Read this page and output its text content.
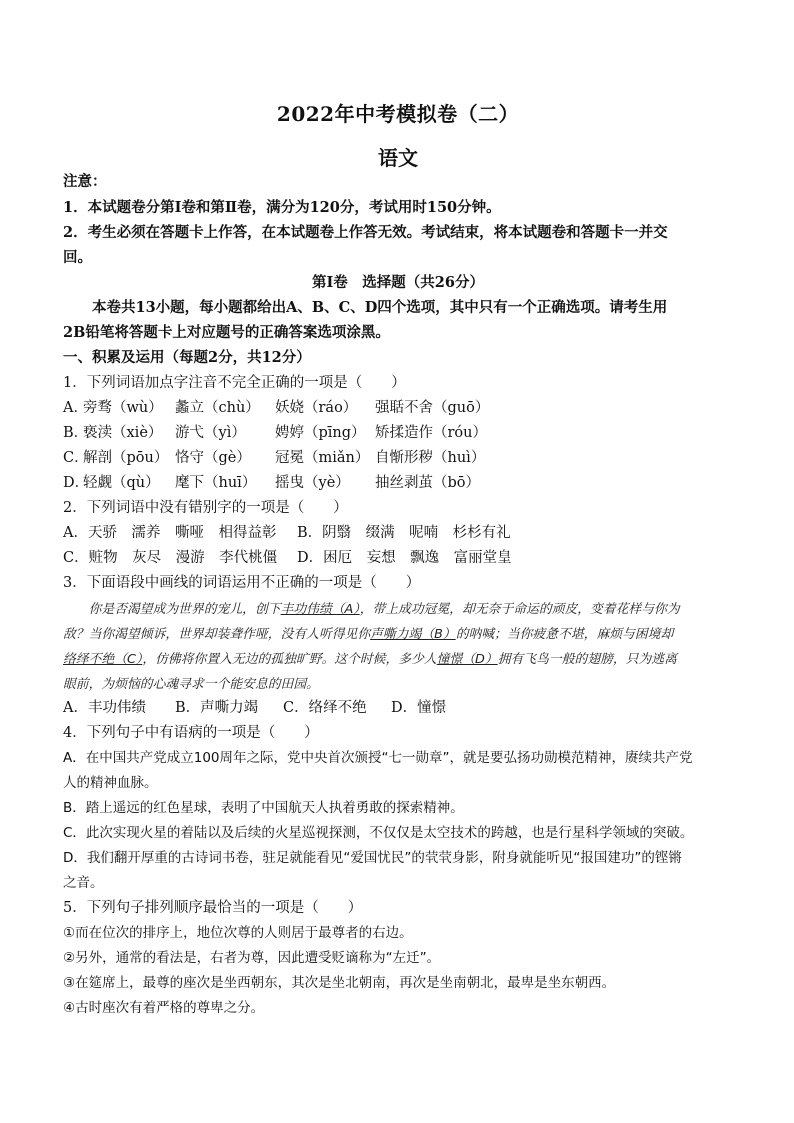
2022年中考模拟卷（二）
语文
注意：
1．本试题卷分第Ⅰ卷和第Ⅱ卷，满分为120分，考试用时150分钟。
2．考生必须在答题卡上作答，在本试题卷上作答无效。考试结束，将本试题卷和答题卡一并交
回。
第Ⅰ卷　选择题（共26分）
本卷共13小题，每小题都给出A、B、C、D四个选项，其中只有一个正确选项。请考生用
2B铅笔将答题卡上对应题号的正确答案选项涂黑。
一、积累及运用（每题2分，共12分）
1．下列词语加点字注音不完全正确的一项是（　　）
A．旁骛（wù） 蠡立（chù） 妖娆（ráo） 强聒不舍（guō）
B．亵渎（xiè） 游弋（yì） 娉婷（pīng） 矫揉造作（róu）
C．解剖（pōu） 恪守（gè） 冠冕（miǎn） 自惭形秽（huì）
D．轻觑（qù） 麾下（huī） 摇曳（yè） 抽丝剥茧（bō）
2．下列词语中没有错别字的一项是（　　）
A．天骄　濡养　嘶哑　相得益彰 B．阴翳　缀满　呢喃　杉杉有礼
C．赃物　灰尽　漫游　李代桃僵 D．困厄　妄想　飘逸　富丽堂皇
3．下面语段中画线的词语运用不正确的一项是（　　）
你是否渴望成为世界的宠儿，创下丰功伟绩（A），带上成功冠冕，却无奈于命运的顽皮，变着花样与你为
敌？当你渴望倾诉，世界却装聋作哑，没有人听得见你声嘶力竭（B）的呐喊；当你疲惫不堪，麻烦与困境却
络绎不绝（C），仿佛将你置入无边的孤独旷野。这个时候，多少人憧憬（D）拥有飞鸟一般的翅膀，只为逃离
眼前，为烦恼的心魂寻求一个能安息的田园。
A．丰功伟绩 B．声嘶力竭 C．络绎不绝 D．憧憬
4．下列句子中有语病的一项是（　　）
A．在中国共产党成立100周年之际，党中央首次颁授“七一勋章”，就是要弘扬功勋模范精神，赓续共产党
人的精神血脉。
B．踏上遥远的红色星球，表明了中国航天人执着勇敢的探索精神。
C．此次实现火星的着陆以及后续的火星巡视探测，不仅仅是太空技术的跨越，也是行星科学领域的突破。
D．我们翻开厚重的古诗词书卷，驻足就能看见“爱国忧民”的茕茕身影，附身就能听见“报国建功”的铿锵
之音。
5．下列句子排列顺序最恰当的一项是（　　）
①而在位次的排序上，地位次尊的人则居于最尊者的右边。
②另外，通常的看法是，右者为尊，因此遭受贬谪称为“左迁”。
③在筵席上，最尊的座次是坐西朝东，其次是坐北朝南，再次是坐南朝北，最卑是坐东朝西。
④古时座次有着严格的尊卑之分。
